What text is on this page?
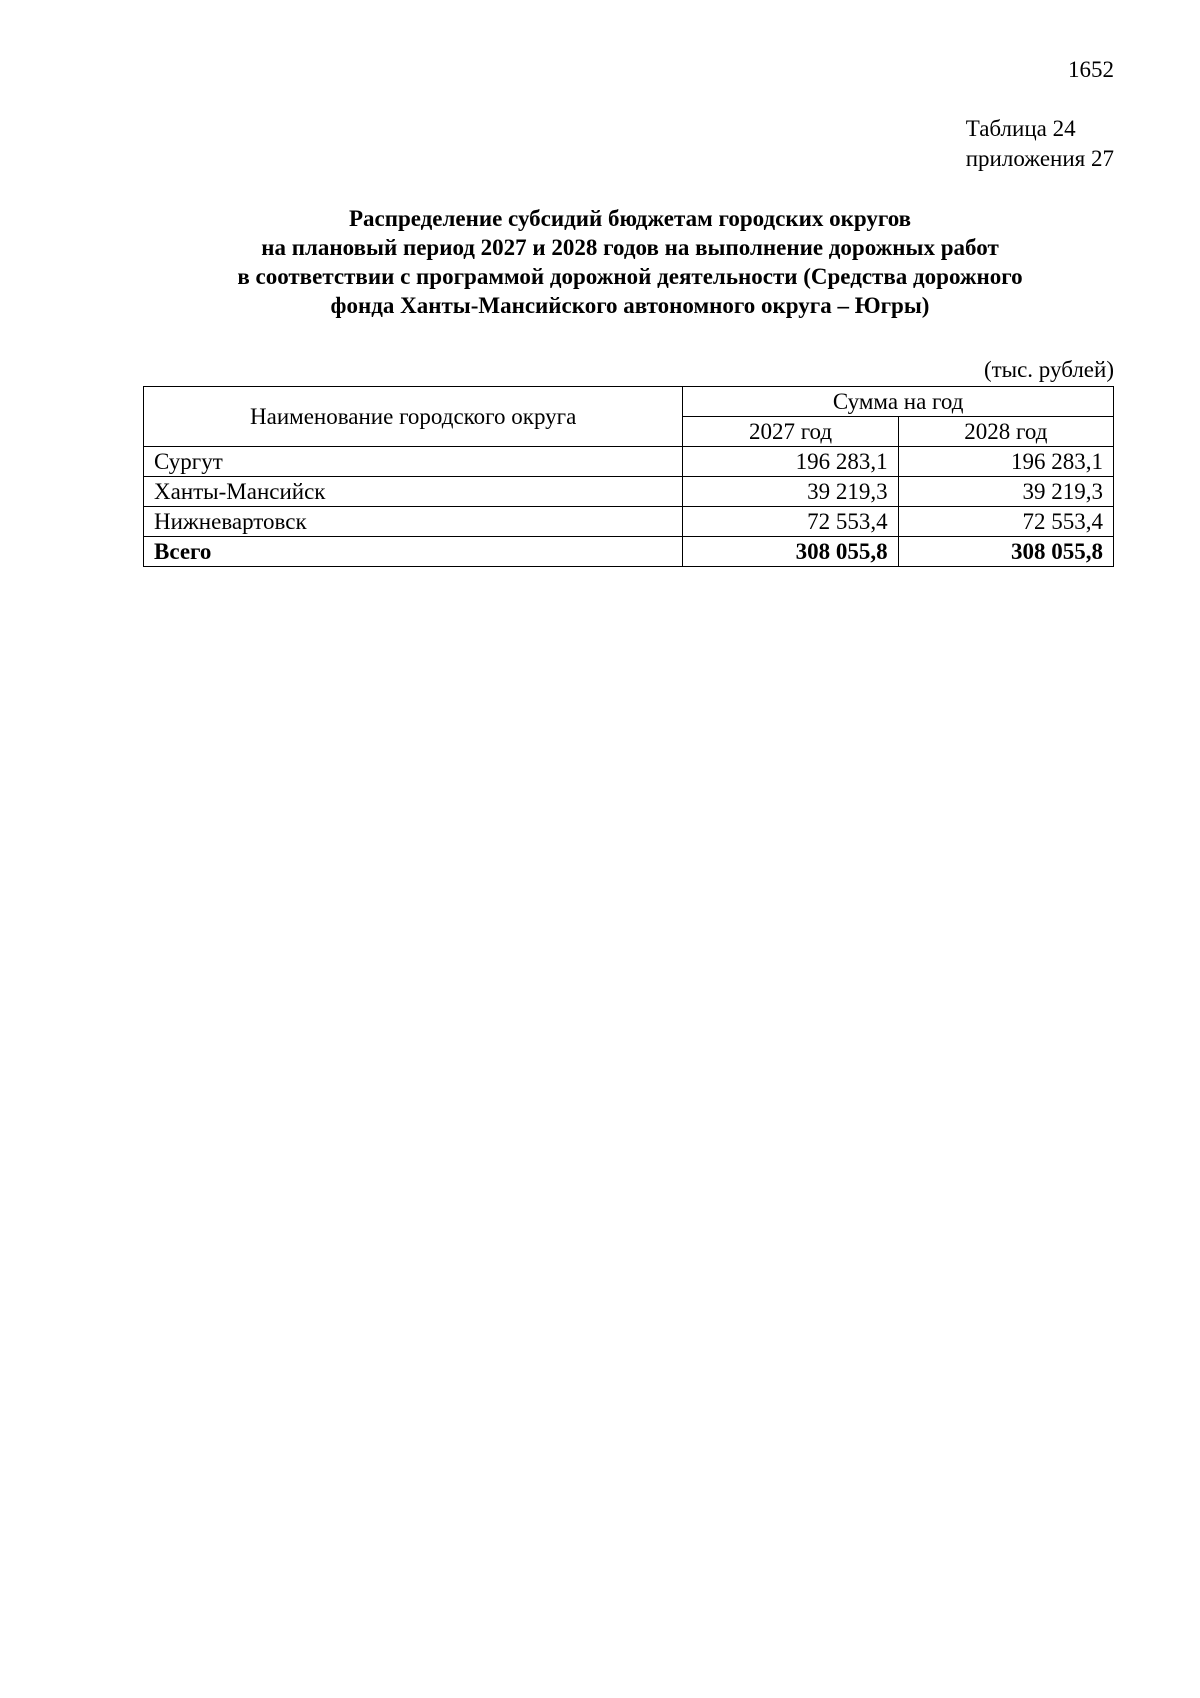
1652
Таблица 24
приложения 27
Распределение субсидий бюджетам городских округов
на плановый период 2027 и 2028 годов на выполнение дорожных работ
в соответствии с программой дорожной деятельности (Средства дорожного
фонда Ханты-Мансийского автономного округа – Югры)
(тыс. рублей)
Наименование городского округа	Сумма на год	
	2027 год	2028 год
Сургут	196 283,1	196 283,1
Ханты-Мансийск	39 219,3	39 219,3
Нижневартовск	72 553,4	72 553,4
Всего	308 055,8	308 055,8
